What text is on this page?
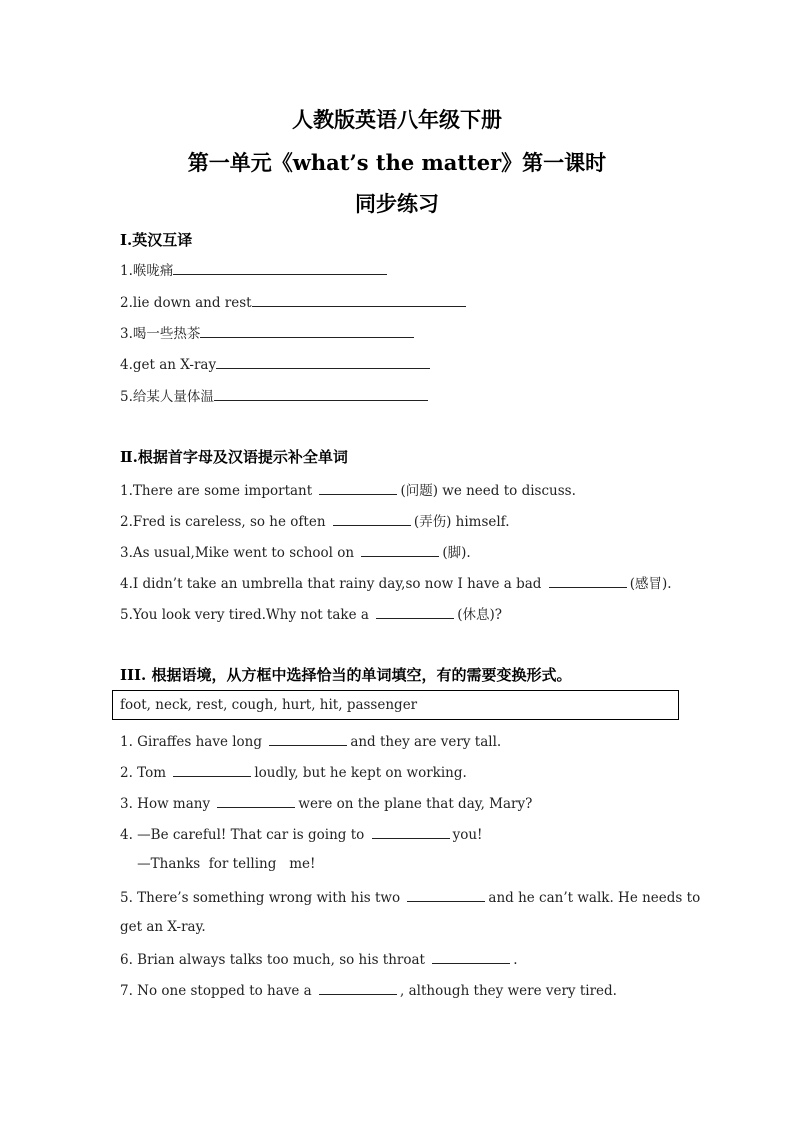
人教版英语八年级下册
第一单元《what’s the matter》第一课时
同步练习
Ⅰ.英汉互译
1.喉咙痛
2.lie down and rest
3.喝一些热茶
4.get an X-ray
5.给某人量体温
Ⅱ.根据首字母及汉语提示补全单词
1.There are some important	(问题) we need to discuss.
2.Fred is careless, so he often	(弄伤) himself.
3.As usual,Mike went to school on	(脚).
4.I didn’t take an umbrella that rainy day,so now I have a bad	(感冒).
5.You look very tired.Why not take a	(休息)?
III. 根据语境，从方框中选择恰当的单词填空，有的需要变换形式。
foot, neck, rest, cough, hurt, hit, passenger
1. Giraffes have long	and they are very tall.
2. Tom	loudly, but he kept on working.
3. How many	were on the plane that day, Mary?
4. —Be careful! That car is going to	you!
—Thanks  for telling   me!
5. There’s something wrong with his two	and he can’t walk. He needs to
get an X-ray.
6. Brian always talks too much, so his throat	.
7. No one stopped to have a	, although they were very tired.
